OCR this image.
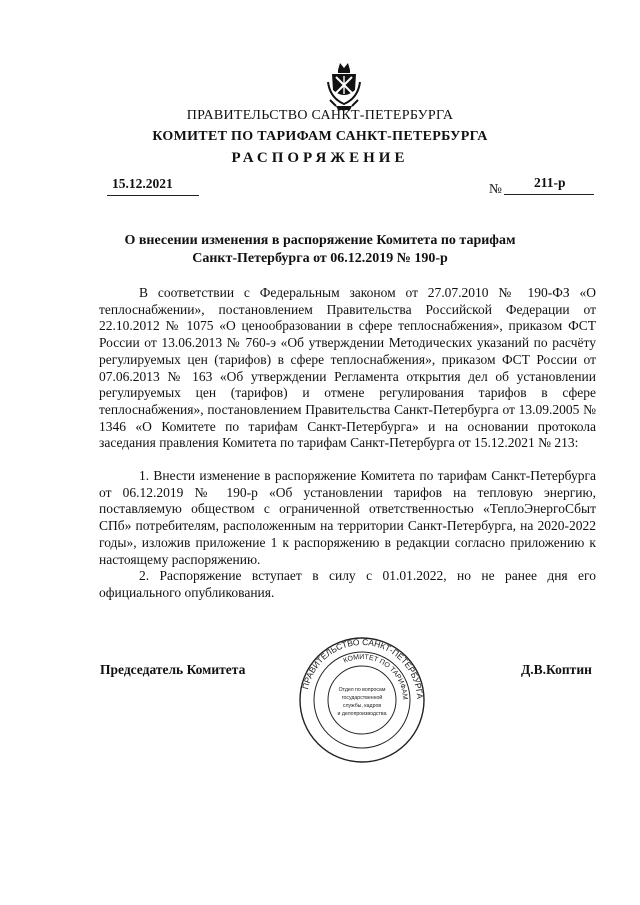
ПРАВИТЕЛЬСТВО САНКТ-ПЕТЕРБУРГА
КОМИТЕТ ПО ТАРИФАМ САНКТ-ПЕТЕРБУРГА
РАСПОРЯЖЕНИЕ
15.12.2021	№ 211-р
О внесении изменения в распоряжение Комитета по тарифам
Санкт-Петербурга от 06.12.2019 № 190-р

В соответствии с Федеральным законом от 27.07.2010 № 190-ФЗ «О теплоснабжении», постановлением Правительства Российской Федерации от 22.10.2012 № 1075 «О ценообразовании в сфере теплоснабжения», приказом ФСТ России от 13.06.2013 № 760-э «Об утверждении Методических указаний по расчёту регулируемых цен (тарифов) в сфере теплоснабжения», приказом ФСТ России от 07.06.2013 № 163 «Об утверждении Регламента открытия дел об установлении регулируемых цен (тарифов) и отмене регулирования тарифов в сфере теплоснабжения», постановлением Правительства Санкт-Петербурга от 13.09.2005 № 1346 «О Комитете по тарифам Санкт-Петербурга» и на основании протокола заседания правления Комитета по тарифам Санкт-Петербурга от 15.12.2021 № 213:

1. Внести изменение в распоряжение Комитета по тарифам Санкт-Петербурга от 06.12.2019 № 190-р «Об установлении тарифов на тепловую энергию, поставляемую обществом с ограниченной ответственностью «ТеплоЭнергоСбыт СПб» потребителям, расположенным на территории Санкт-Петербурга, на 2020-2022 годы», изложив приложение 1 к распоряжению в редакции согласно приложению к настоящему распоряжению.

2. Распоряжение вступает в силу с 01.01.2022, но не ранее дня его официального опубликования.

Председатель Комитета	Д.В.Коптин
ПРАВИТЕЛЬСТВО САНКТ-ПЕТЕРБУРГА
КОМИТЕТ ПО ТАРИФАМ
Отдел по вопросам
государственной
службы, кадров
и делопроизводства
